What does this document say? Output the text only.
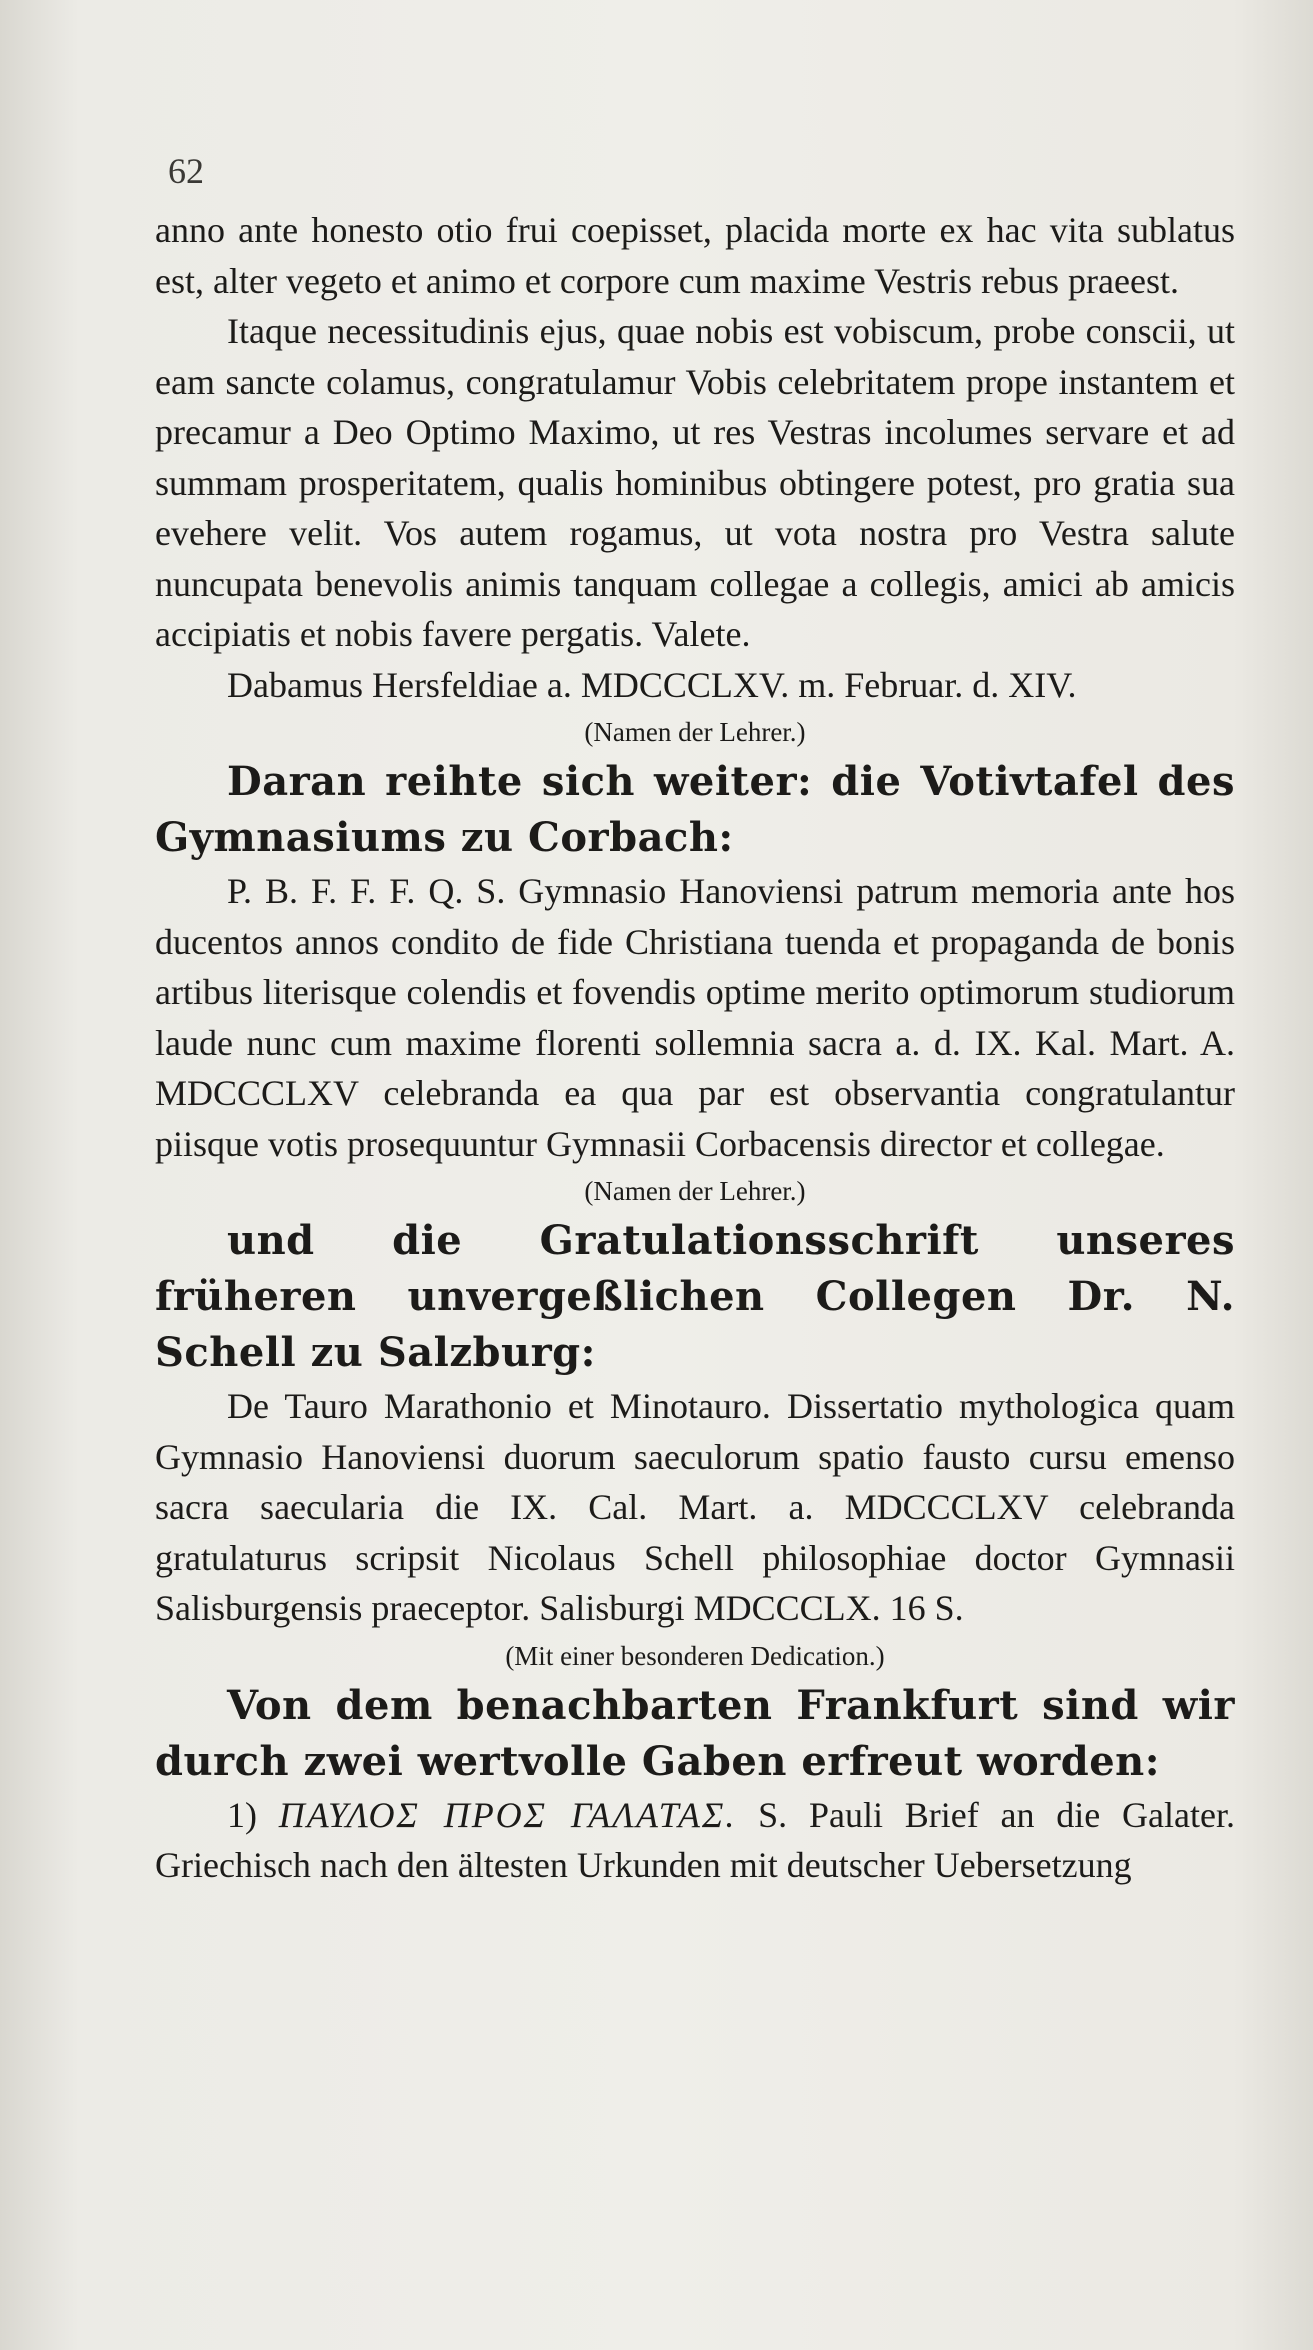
62

anno ante honesto otio frui coepisset, placida morte ex hac vita sublatus est, alter vegeto et animo et corpore cum maxime Vestris rebus praeest.

Itaque necessitudinis ejus, quae nobis est vobiscum, probe conscii, ut eam sancte colamus, congratulamur Vobis celebritatem prope instantem et precamur a Deo Optimo Maximo, ut res Vestras incolumes servare et ad summam prosperitatem, qualis hominibus obtingere potest, pro gratia sua evehere velit. Vos autem rogamus, ut vota nostra pro Vestra salute nuncupata benevolis animis tanquam collegae a collegis, amici ab amicis accipiatis et nobis favere pergatis. Valete.

Dabamus Hersfeldiae a. MDCCCLXV. m. Februar. d. XIV.

(Namen der Lehrer.)

Daran reihte sich weiter: die Votivtafel des Gymnasiums zu Corbach:

P. B. F. F. F. Q. S. Gymnasio Hanoviensi patrum memoria ante hos ducentos annos condito de fide Christiana tuenda et propaganda de bonis artibus literisque colendis et fovendis optime merito optimorum studiorum laude nunc cum maxime florenti sollemnia sacra a. d. IX. Kal. Mart. A. MDCCCLXV celebranda ea qua par est observantia congratulantur piisque votis prosequuntur Gymnasii Corbacensis director et collegae.

(Namen der Lehrer.)

und die Gratulationsschrift unseres früheren unvergeßlichen Collegen Dr. N. Schell zu Salzburg:

De Tauro Marathonio et Minotauro. Dissertatio mythologica quam Gymnasio Hanoviensi duorum saeculorum spatio fausto cursu emenso sacra saecularia die IX. Cal. Mart. a. MDCCCLXV celebranda gratulaturus scripsit Nicolaus Schell philosophiae doctor Gymnasii Salisburgensis praeceptor. Salisburgi MDCCCLX. 16 S.

(Mit einer besonderen Dedication.)

Von dem benachbarten Frankfurt sind wir durch zwei wertvolle Gaben erfreut worden:

1) ΠΑΥΛΟΣ ΠΡΟΣ ΓΑΛΑΤΑΣ. S. Pauli Brief an die Galater. Griechisch nach den ältesten Urkunden mit deutscher Uebersetzung
